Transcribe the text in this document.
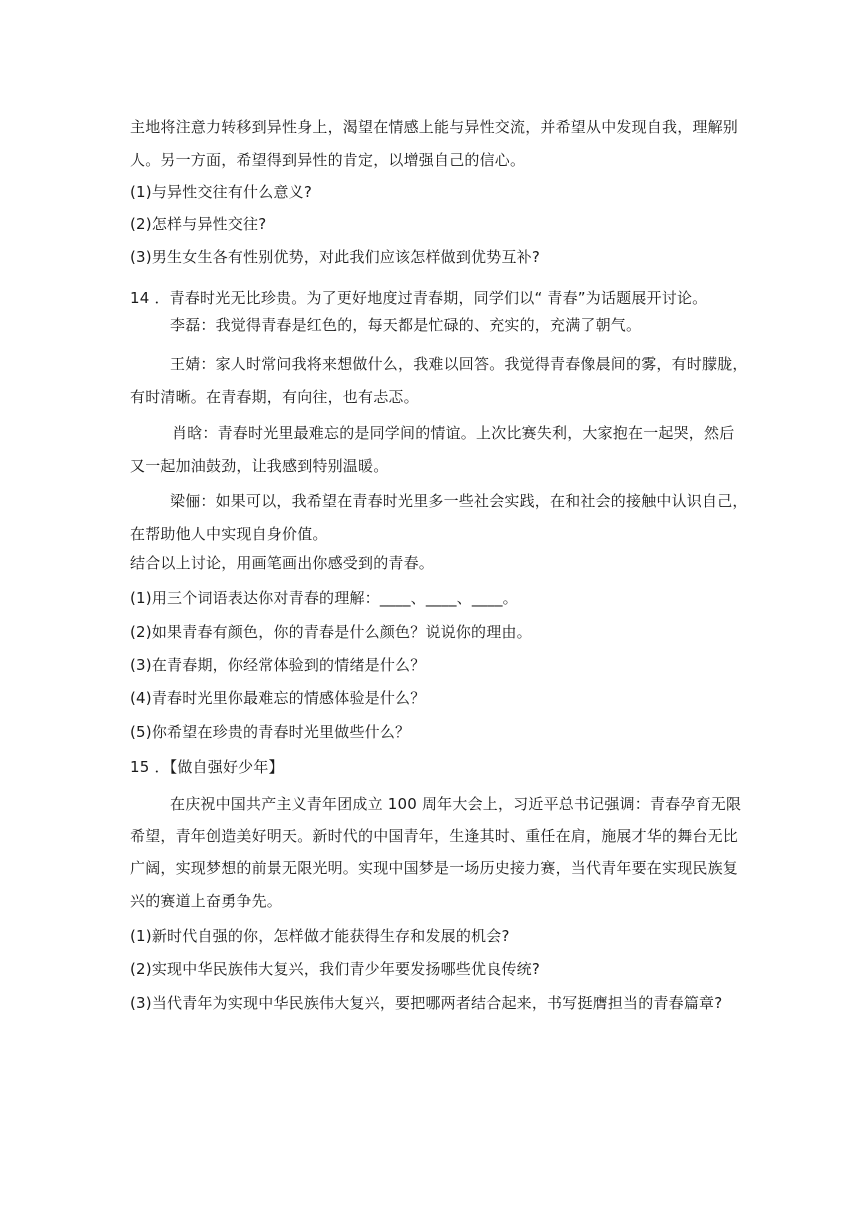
主地将注意力转移到异性身上，渴望在情感上能与异性交流，并希望从中发现自我，理解别
人。另一方面，希望得到异性的肯定，以增强自己的信心。
(1)与异性交往有什么意义?
(2)怎样与异性交往?
(3)男生女生各有性别优势，对此我们应该怎样做到优势互补?
14 ．青春时光无比珍贵。为了更好地度过青春期，同学们以“ 青春”为话题展开讨论。
李磊：我觉得青春是红色的，每天都是忙碌的、充实的，充满了朝气。
王婧：家人时常问我将来想做什么，我难以回答。我觉得青春像晨间的雾，有时朦胧，
有时清晰。在青春期，有向往，也有忐忑。
肖晗：青春时光里最难忘的是同学间的情谊。上次比赛失利，大家抱在一起哭，然后
又一起加油鼓劲，让我感到特别温暖。
梁俪：如果可以，我希望在青春时光里多一些社会实践，在和社会的接触中认识自己，
在帮助他人中实现自身价值。
结合以上讨论，用画笔画出你感受到的青春。
(1)用三个词语表达你对青春的理解：____、____、____。
(2)如果青春有颜色，你的青春是什么颜色？说说你的理由。
(3)在青春期，你经常体验到的情绪是什么？
(4)青春时光里你最难忘的情感体验是什么？
(5)你希望在珍贵的青春时光里做些什么？
15 ．【做自强好少年】
在庆祝中国共产主义青年团成立 100 周年大会上，习近平总书记强调：青春孕育无限
希望，青年创造美好明天。新时代的中国青年，生逢其时、重任在肩，施展才华的舞台无比
广阔，实现梦想的前景无限光明。实现中国梦是一场历史接力赛，当代青年要在实现民族复
兴的赛道上奋勇争先。
(1)新时代自强的你，怎样做才能获得生存和发展的机会?
(2)实现中华民族伟大复兴，我们青少年要发扬哪些优良传统?
(3)当代青年为实现中华民族伟大复兴，要把哪两者结合起来，书写挺膺担当的青春篇章?
